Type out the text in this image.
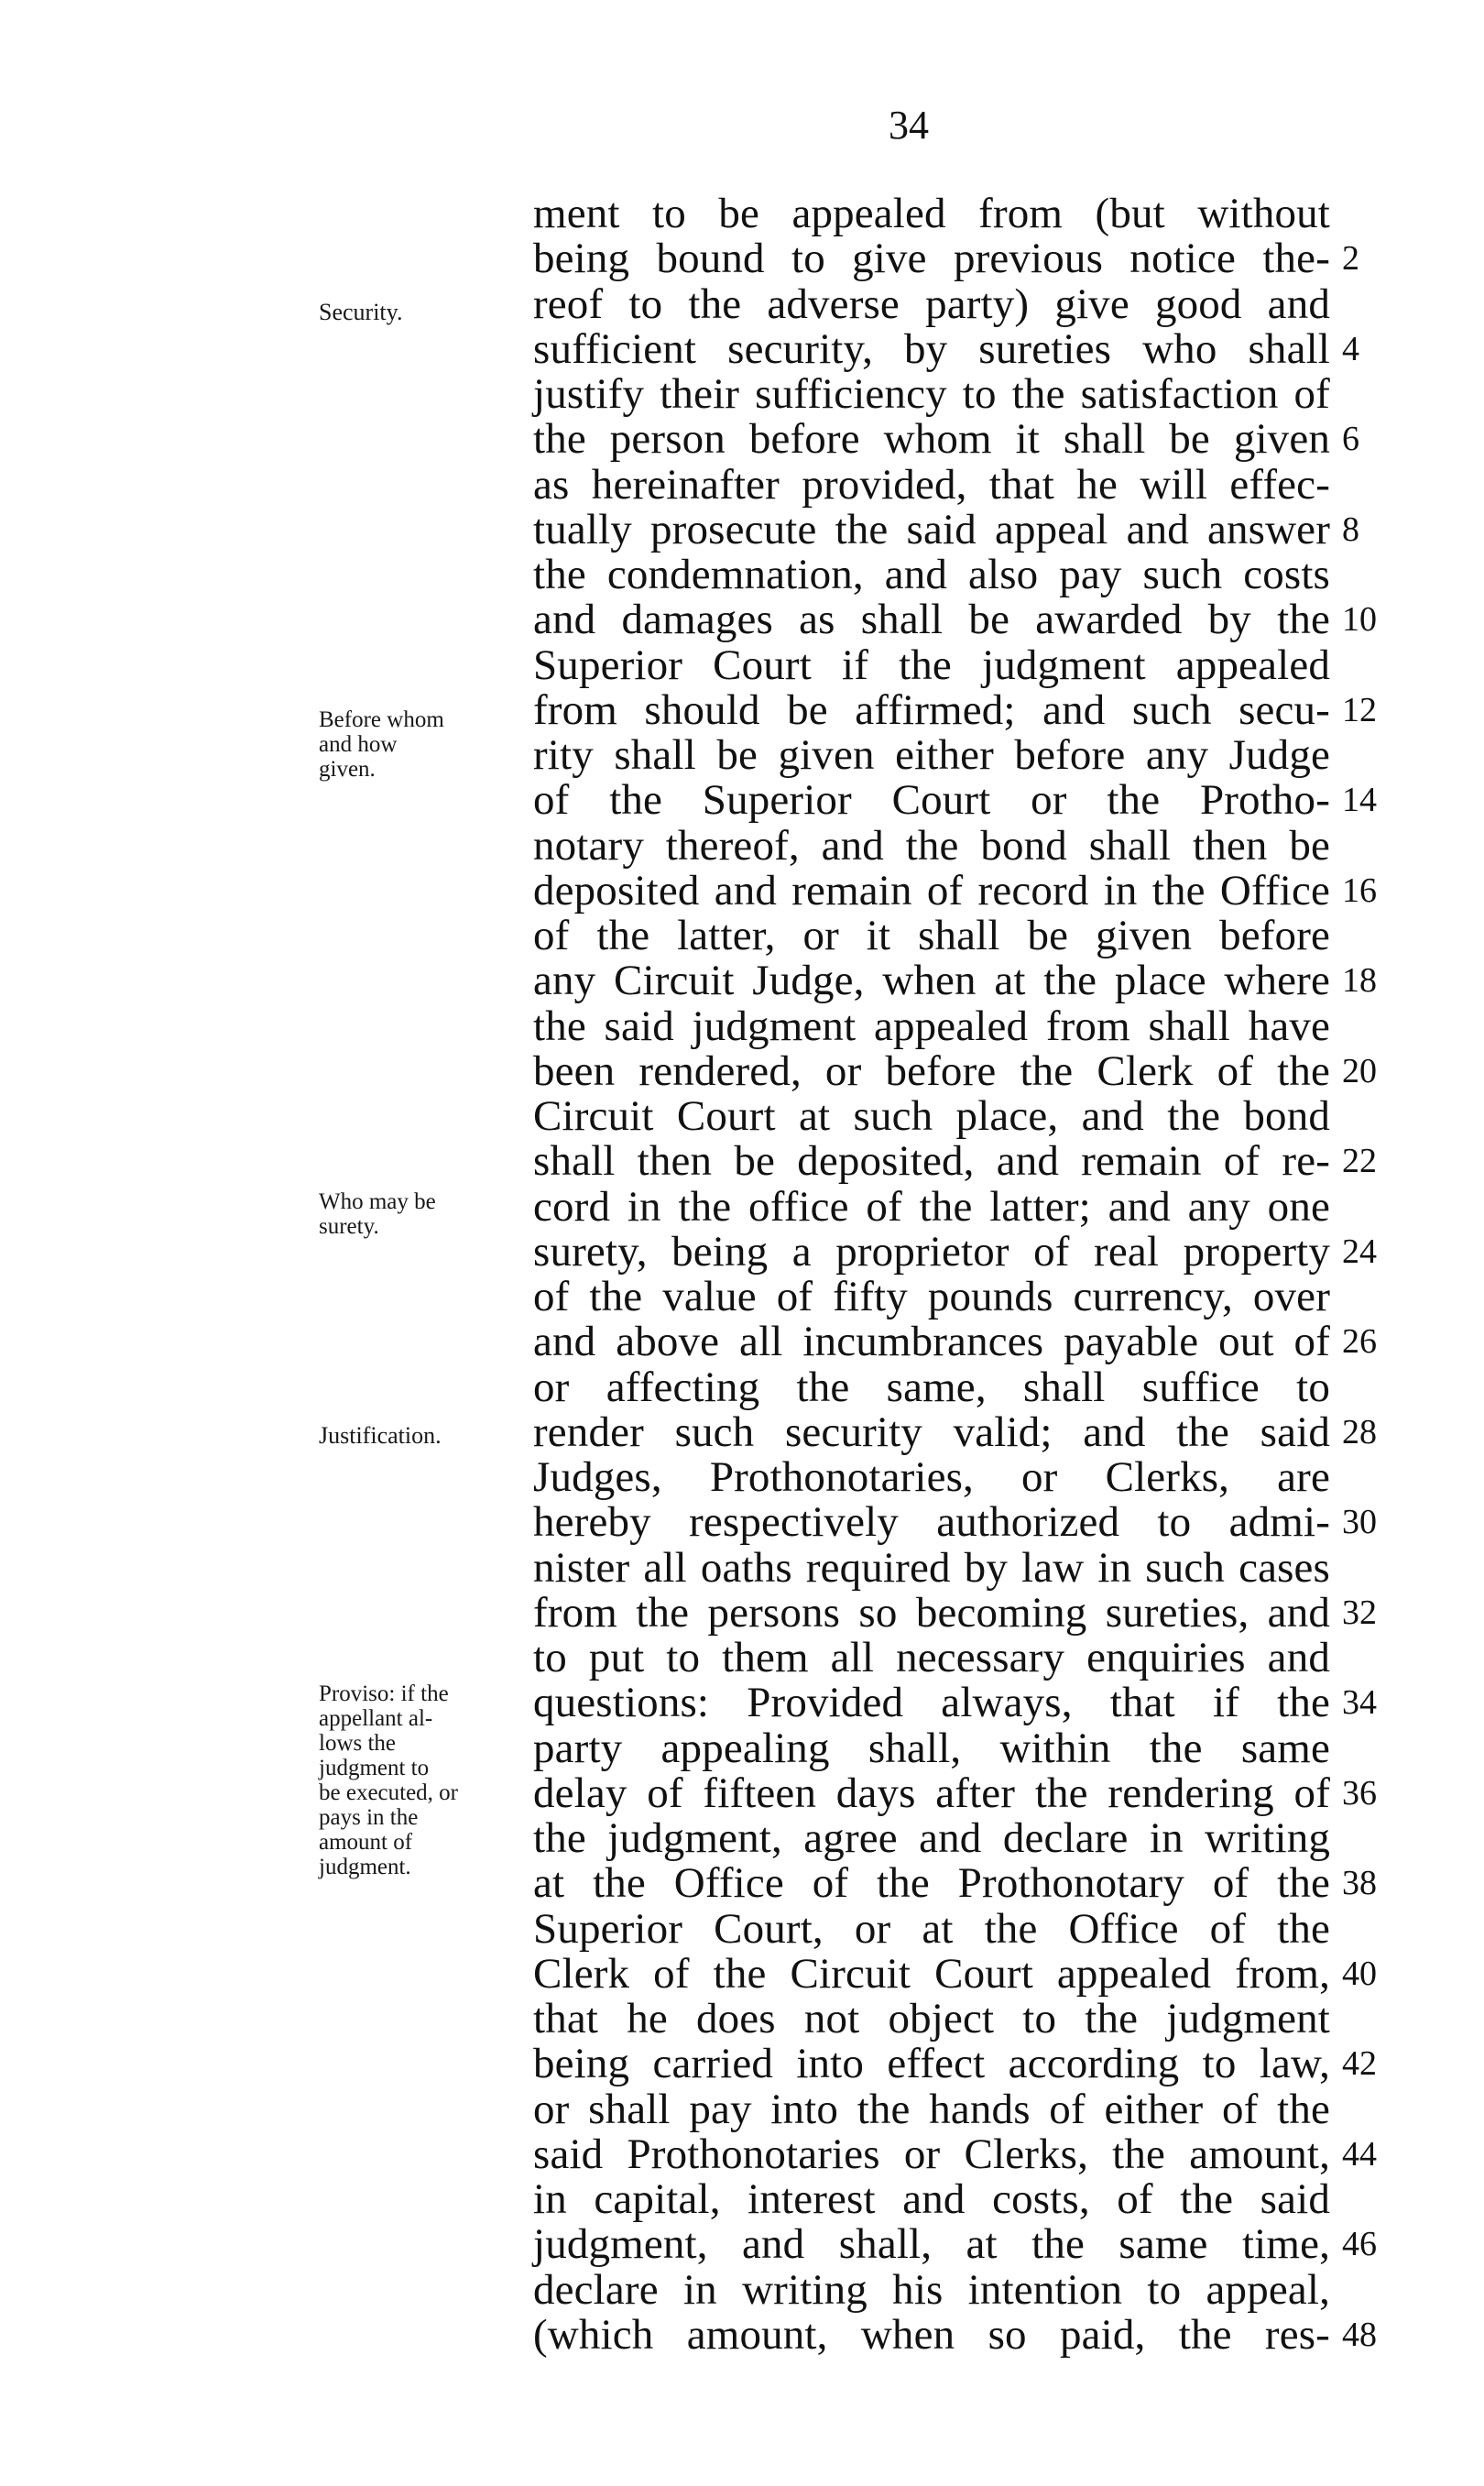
34
Security.
Before whom
and how
given.
Who may be
surety.
Justification.
Proviso: if the
appellant al-
lows the
judgment to
be executed, or
pays in the
amount of
judgment.
ment to be appealed from (but without
being bound to give previous notice the-
reof to the adverse party) give good and
sufficient security, by sureties who shall
justify their sufficiency to the satisfaction of
the person before whom it shall be given
as hereinafter provided, that he will effec-
tually prosecute the said appeal and answer
the condemnation, and also pay such costs
and damages as shall be awarded by the
Superior Court if the judgment appealed
from should be affirmed; and such secu-
rity shall be given either before any Judge
of the Superior Court or the Protho-
notary thereof, and the bond shall then be
deposited and remain of record in the Office
of the latter, or it shall be given before
any Circuit Judge, when at the place where
the said judgment appealed from shall have
been rendered, or before the Clerk of the
Circuit Court at such place, and the bond
shall then be deposited, and remain of re-
cord in the office of the latter; and any one
surety, being a proprietor of real property
of the value of fifty pounds currency, over
and above all incumbrances payable out of
or affecting the same, shall suffice to
render such security valid; and the said
Judges, Prothonotaries, or Clerks, are
hereby respectively authorized to admi-
nister all oaths required by law in such cases
from the persons so becoming sureties, and
to put to them all necessary enquiries and
questions: Provided always, that if the
party appealing shall, within the same
delay of fifteen days after the rendering of
the judgment, agree and declare in writing
at the Office of the Prothonotary of the
Superior Court, or at the Office of the
Clerk of the Circuit Court appealed from,
that he does not object to the judgment
being carried into effect according to law,
or shall pay into the hands of either of the
said Prothonotaries or Clerks, the amount,
in capital, interest and costs, of the said
judgment, and shall, at the same time,
declare in writing his intention to appeal,
(which amount, when so paid, the res-
2
4
6
8
10
12
14
16
18
20
22
24
26
28
30
32
34
36
38
40
42
44
46
48
